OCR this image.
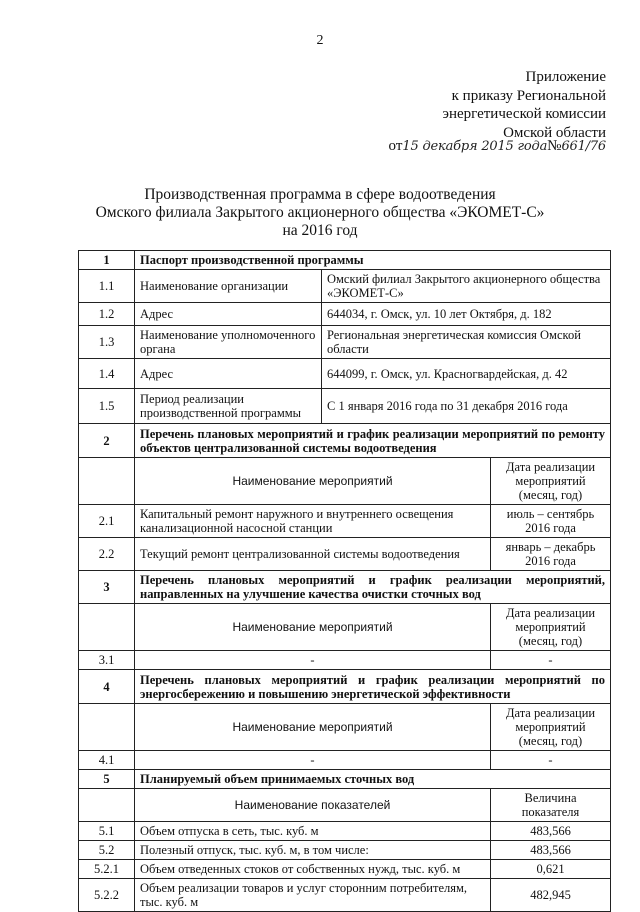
2
Приложение
к приказу Региональной
энергетической комиссии
Омской области
от15 декабря 2015 года№661/76
Производственная программа в сфере водоотведения
Омского филиала Закрытого акционерного общества «ЭКОМЕТ-С»
на 2016 год
1	Паспорт производственной программы		
1.1	Наименование организации	Омский филиал Закрытого акционерного общества «ЭКОМЕТ-С»	
1.2	Адрес	644034, г. Омск, ул. 10 лет Октября, д. 182	
1.3	Наименование уполномоченного органа	Региональная энергетическая комиссия Омской области	
1.4	Адрес	644099, г. Омск, ул. Красногвардейская, д. 42	
1.5	Период реализации производственной программы	С 1 января 2016 года по 31 декабря 2016 года	
2	Перечень плановых мероприятий и график реализации мероприятий по ремонту объектов централизованной системы водоотведения		
	Наименование мероприятий		Дата реализации мероприятий (месяц, год)
2.1	Капитальный ремонт наружного и внутреннего освещения канализационной насосной станции		июль – сентябрь 2016 года
2.2	Текущий ремонт централизованной системы водоотведения		январь – декабрь 2016 года
3	Перечень плановых мероприятий и график реализации мероприятий, направленных на улучшение качества очистки сточных вод		
	Наименование мероприятий		Дата реализации мероприятий (месяц, год)
3.1	-		-
4	Перечень плановых мероприятий и график реализации мероприятий по энергосбережению и повышению энергетической эффективности		
	Наименование мероприятий		Дата реализации мероприятий (месяц, год)
4.1	-		-
5	Планируемый объем принимаемых сточных вод		
	Наименование показателей		Величина показателя
5.1	Объем отпуска в сеть, тыс. куб. м		483,566
5.2	Полезный отпуск, тыс. куб. м, в том числе:		483,566
5.2.1	Объем отведенных стоков от собственных нужд, тыс. куб. м		0,621
5.2.2	Объем реализации товаров и услуг сторонним потребителям, тыс. куб. м		482,945
